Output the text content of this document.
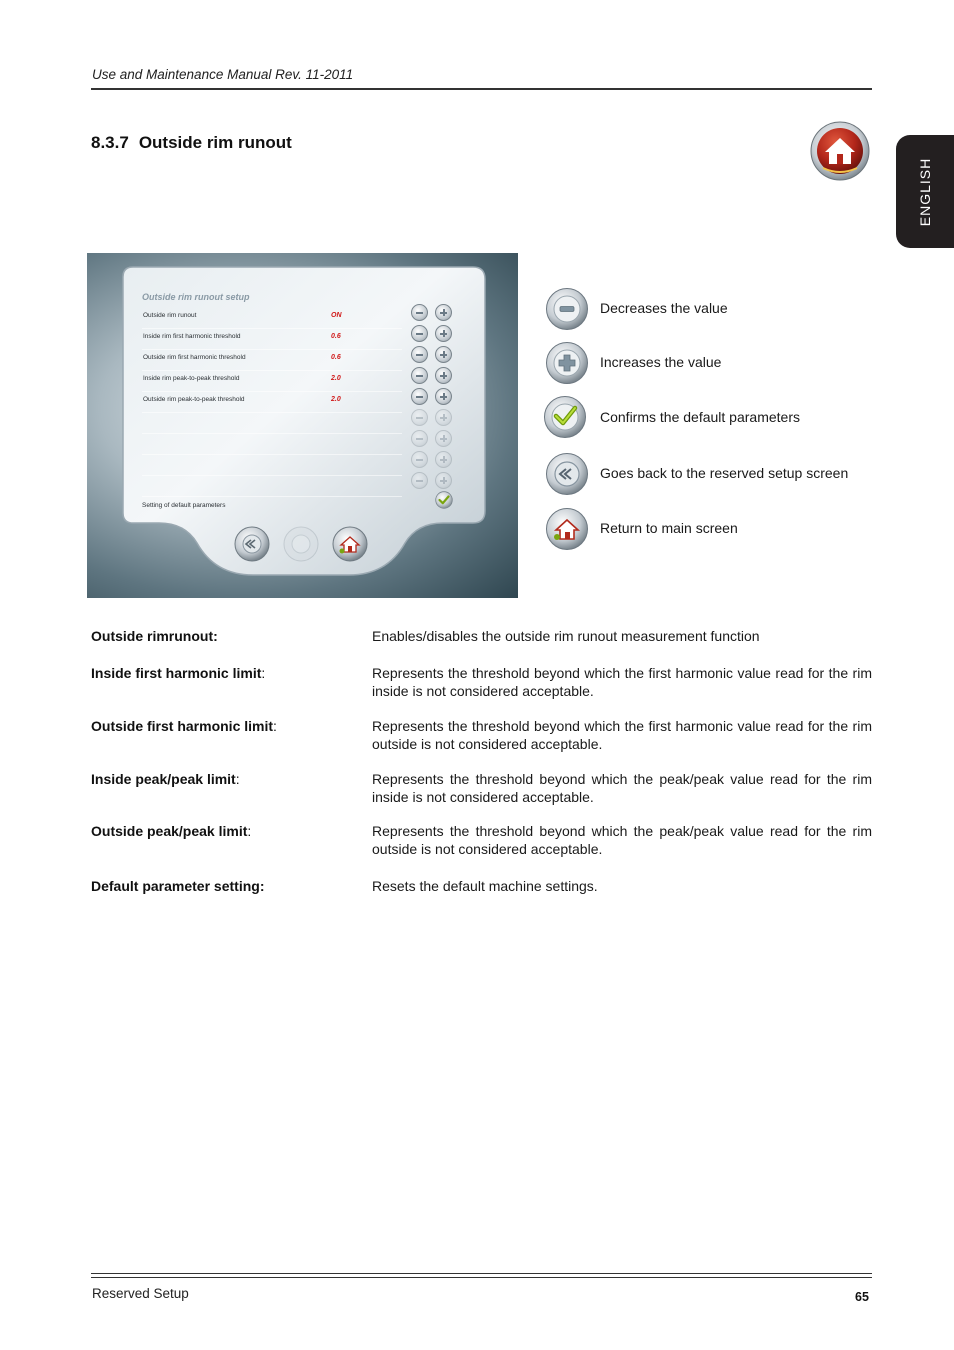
Use and Maintenance Manual Rev. 11-2011
ENGLISH
8.3.7 Outside rim runout
Outside rim runout setup
Outside rim runout	ON
Inside rim first harmonic threshold	0.6
Outside rim first harmonic threshold	0.6
Inside rim peak-to-peak threshold	2.0
Outside rim peak-to-peak threshold	2.0
Setting of default parameters
Decreases the value
Increases the value
Confirms the default parameters
Goes back to the reserved setup screen
Return to main screen
Outside rimrunout:	Enables/disables the outside rim runout measurement function
Inside first harmonic limit:	Represents the threshold beyond which the first harmonic value read for the rim inside is not considered acceptable.
Outside first harmonic limit:	Represents the threshold beyond which the first harmonic value read for the rim outside is not considered acceptable.
Inside peak/peak limit:	Represents the threshold beyond which the peak/peak value read for the rim inside is not considered acceptable.
Outside peak/peak limit:	Represents the threshold beyond which the peak/peak value read for the rim outside is not considered acceptable.
Default parameter setting:	Resets the default machine settings.
Reserved Setup	65
